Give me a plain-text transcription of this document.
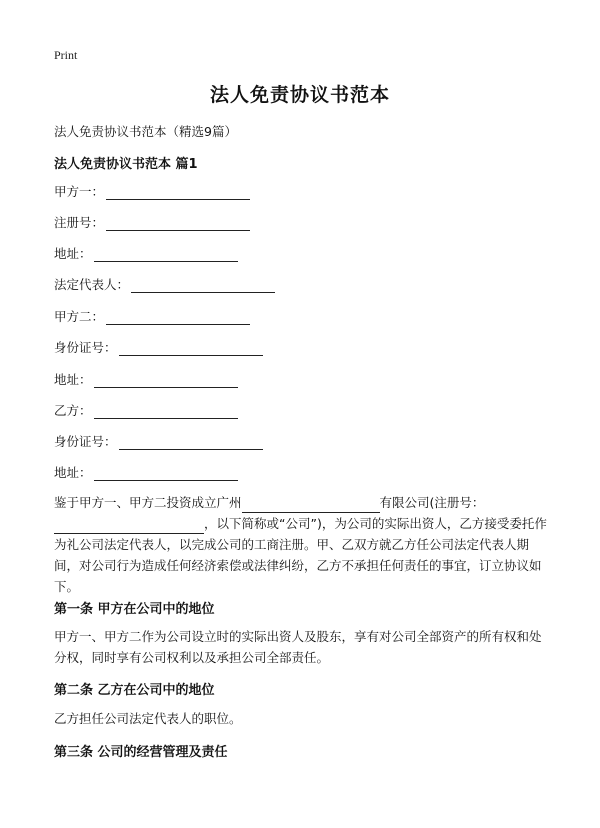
Print
法人免责协议书范本
法人免责协议书范本（精选9篇）
法人免责协议书范本 篇1
甲方一：
注册号：
地址：
法定代表人：
甲方二：
身份证号：
地址：
乙方：
身份证号：
地址：
鉴于甲方一、甲方二投资成立广州	有限公司(注册号：
，以下简称或“公司”)，为公司的实际出资人，乙方接受委托作为礼公司法定代表人，以完成公司的工商注册。甲、乙双方就乙方任公司法定代表人期间，对公司行为造成任何经济索偿或法律纠纷，乙方不承担任何责任的事宜，订立协议如下。
第一条 甲方在公司中的地位
甲方一、甲方二作为公司设立时的实际出资人及股东，享有对公司全部资产的所有权和处分权，同时享有公司权利以及承担公司全部责任。
第二条 乙方在公司中的地位
乙方担任公司法定代表人的职位。
第三条 公司的经营管理及责任
